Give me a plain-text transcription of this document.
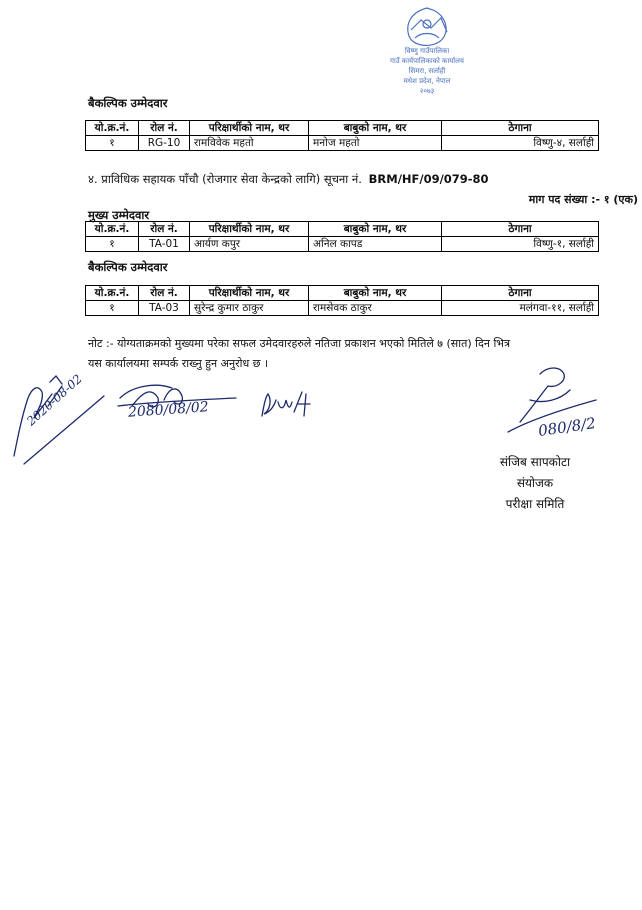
विष्णु गाउँपालिका
गाउँ कार्यपालिकाको कार्यालय
सिमरा, सर्लाही
मधेश प्रदेश, नेपाल
२०७३
बैकल्पिक उम्मेदवार
यो.क्र.नं.	रोल नं.	परिक्षार्थीको नाम, थर	बाबुको नाम, थर	ठेगाना
१	RG-10	रामविवेक महतो	मनोज महतो	विष्णु-४, सर्लाही
४. प्राविधिक सहायक पाँचौ (रोजगार सेवा केन्द्रको लागि) सूचना नं. BRM/HF/09/079-80
माग पद संख्या :- १ (एक)
मुख्य उम्मेदवार
यो.क्र.नं.	रोल नं.	परिक्षार्थीको नाम, थर	बाबुको नाम, थर	ठेगाना
१	TA-01	आर्यण कपुर	अनिल कापड	विष्णु-१, सर्लाही
बैकल्पिक उम्मेदवार
यो.क्र.नं.	रोल नं.	परिक्षार्थीको नाम, थर	बाबुको नाम, थर	ठेगाना
१	TA-03	सुरेन्द्र कुमार ठाकुर	रामसेवक ठाकुर	मलंगवा-११, सर्लाही
नोट :- योग्यताक्रमको मुख्यमा परेका सफल उमेदवारहरुले नतिजा प्रकाशन भएको मितिले ७ (सात) दिन भित्र
यस कार्यालयमा सम्पर्क राख्नु हुन अनुरोध छ ।
2020-08-02	2080/08/02
080/8/2
संजिब सापकोटा
संयोजक
परीक्षा समिति
